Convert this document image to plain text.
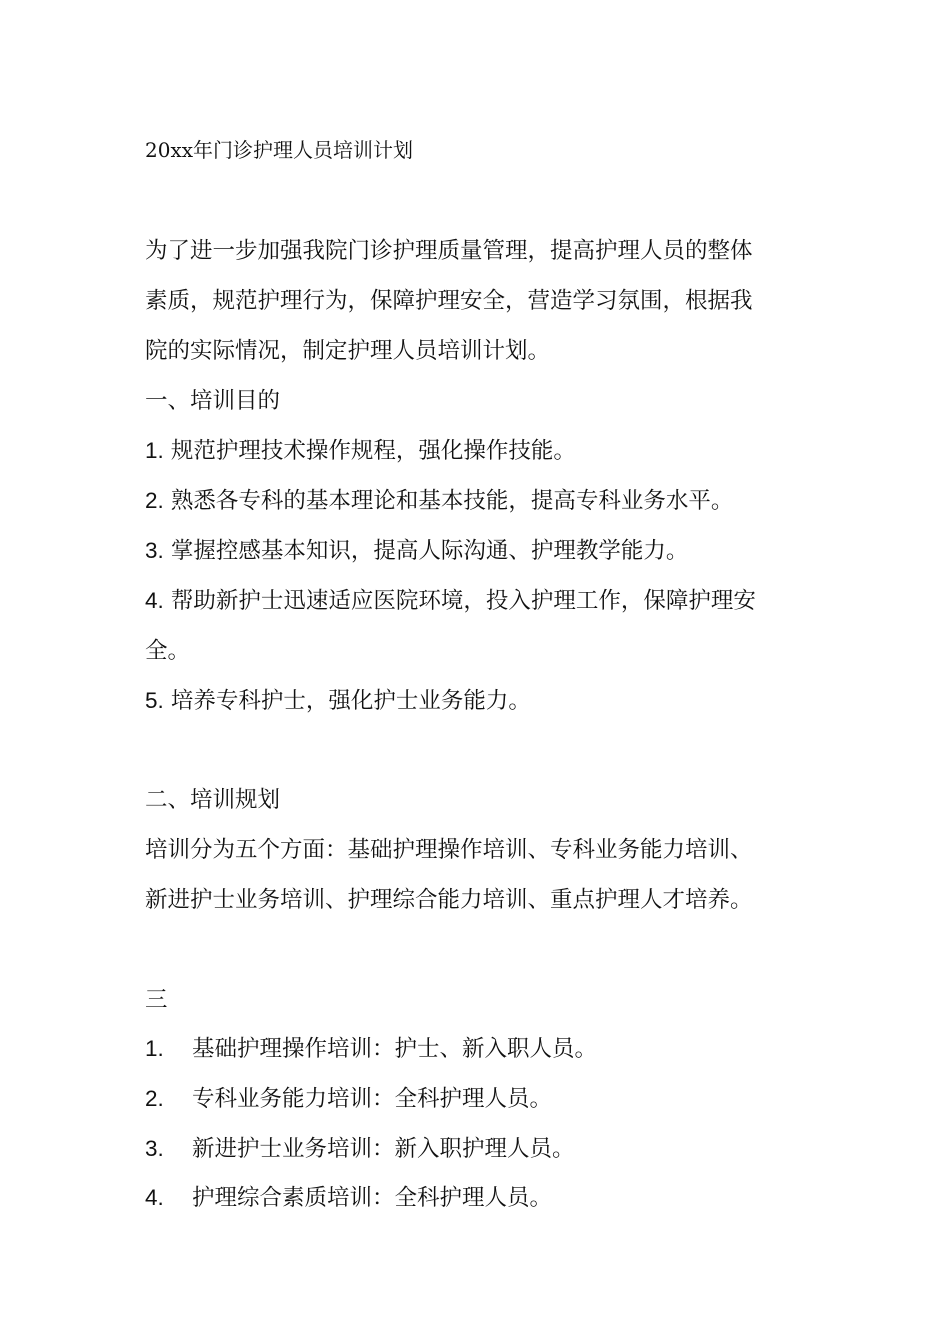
20xx年门诊护理人员培训计划

为了进一步加强我院门诊护理质量管理，提高护理人员的整体
素质，规范护理行为，保障护理安全，营造学习氛围，根据我
院的实际情况，制定护理人员培训计划。

一、培训目的
1. 规范护理技术操作规程，强化操作技能。
2. 熟悉各专科的基本理论和基本技能，提高专科业务水平。
3. 掌握控感基本知识，提高人际沟通、护理教学能力。
4. 帮助新护士迅速适应医院环境，投入护理工作，保障护理安
全。
5. 培养专科护士，强化护士业务能力。
二、培训规划

培训分为五个方面：基础护理操作培训、专科业务能力培训、
新进护士业务培训、护理综合能力培训、重点护理人才培养。

三
1. 基础护理操作培训：护士、新入职人员。
2. 专科业务能力培训：全科护理人员。
3. 新进护士业务培训：新入职护理人员。
4. 护理综合素质培训：全科护理人员。
